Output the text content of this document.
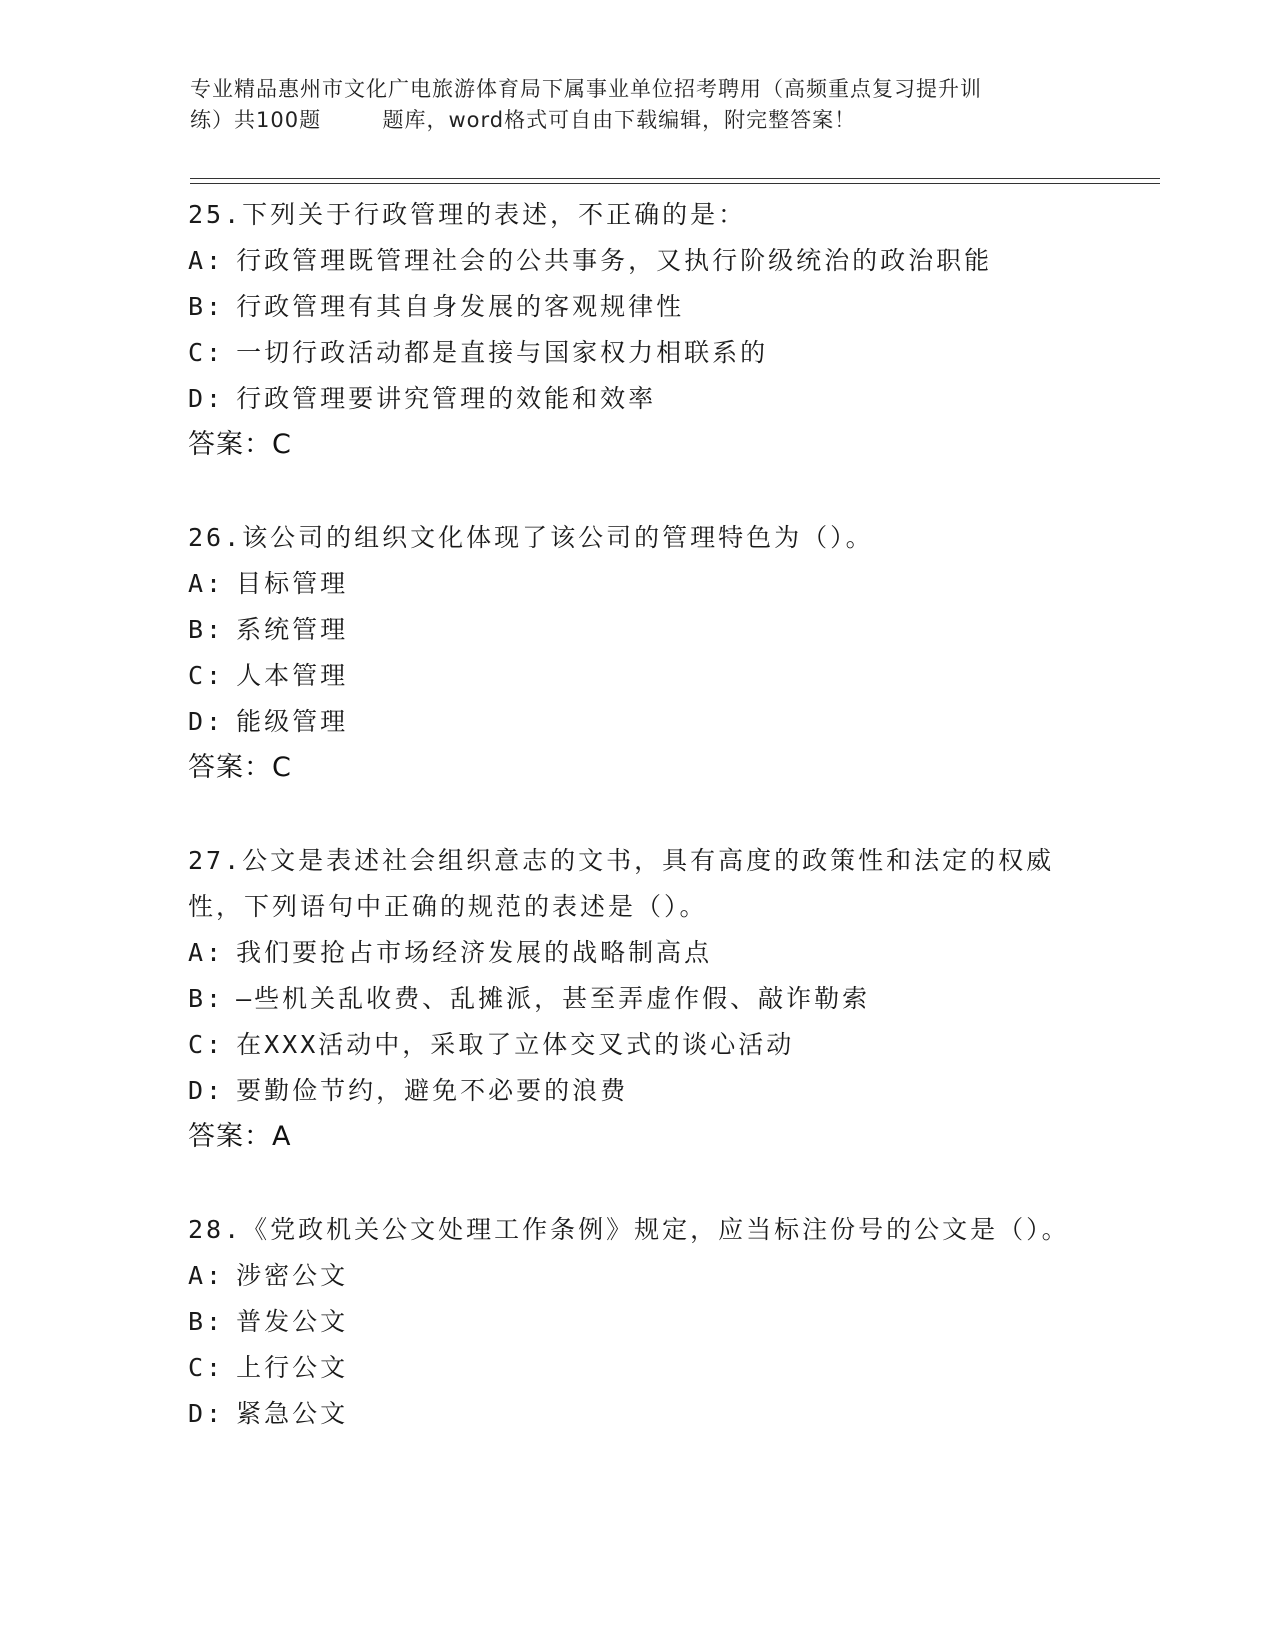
专业精品惠州市文化广电旅游体育局下属事业单位招考聘用（高频重点复习提升训
练）共100题        题库，word格式可自由下载编辑，附完整答案！

25.下列关于行政管理的表述，不正确的是：

A: 行政管理既管理社会的公共事务，又执行阶级统治的政治职能

B: 行政管理有其自身发展的客观规律性

C: 一切行政活动都是直接与国家权力相联系的

D: 行政管理要讲究管理的效能和效率

答案：C

26.该公司的组织文化体现了该公司的管理特色为（）。

A: 目标管理

B: 系统管理

C: 人本管理

D: 能级管理

答案：C

27.公文是表述社会组织意志的文书，具有高度的政策性和法定的权威性，下列语句中正确的规范的表述是（）。

A: 我们要抢占市场经济发展的战略制高点

B: —些机关乱收费、乱摊派，甚至弄虚作假、敲诈勒索

C: 在XXX活动中，采取了立体交叉式的谈心活动

D: 要勤俭节约，避免不必要的浪费

答案：A

28.《党政机关公文处理工作条例》规定，应当标注份号的公文是（）。

A: 涉密公文

B: 普发公文

C: 上行公文

D: 紧急公文
